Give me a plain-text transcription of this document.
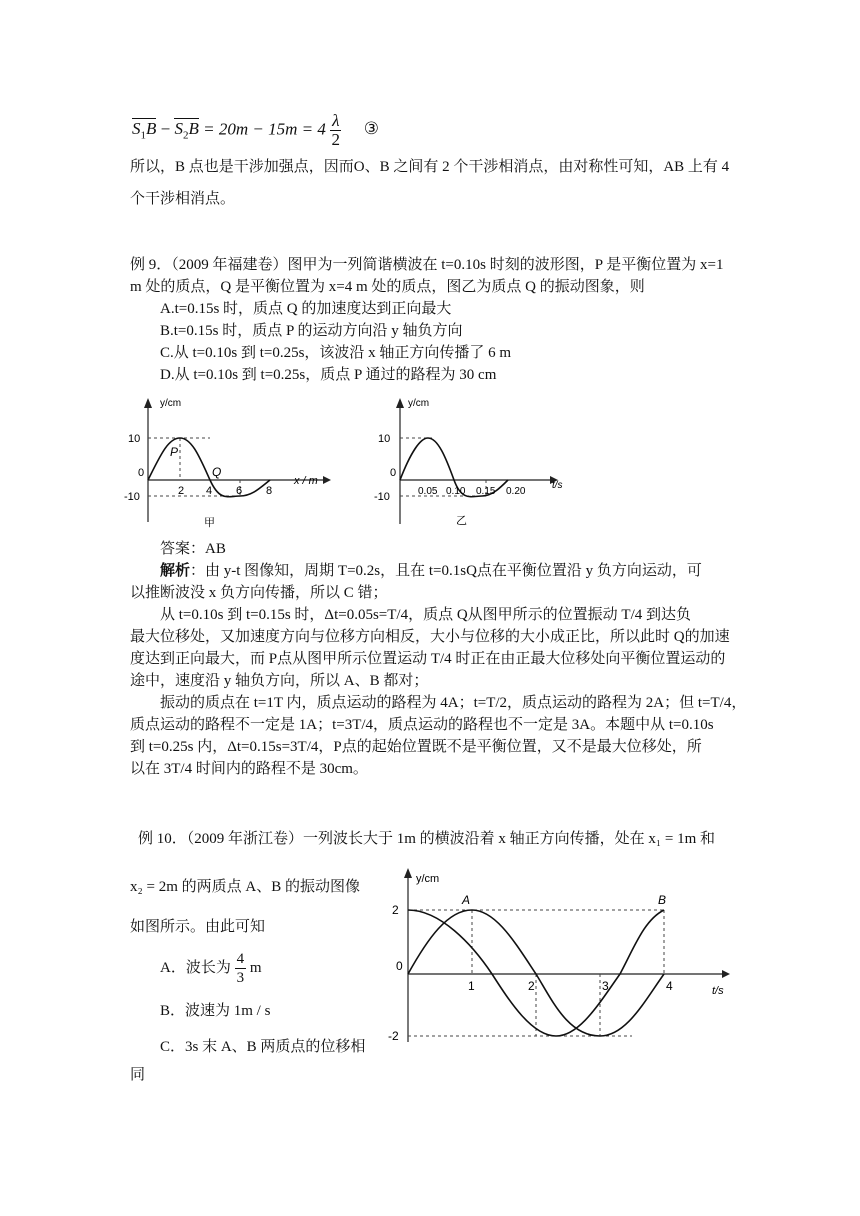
$S_1B - S_2B = 20m - 15m = 4 \frac{\lambda}{2}$ ③
所以，B 点也是干涉加强点，因而O、B 之间有 2 个干涉相消点，由对称性可知，AB 上有 4
个干涉相消点。
例 9．（2009 年福建卷）图甲为一列简谐横波在 t=0.10s 时刻的波形图，P 是平衡位置为 x=1
m 处的质点，Q 是平衡位置为 x=4 m 处的质点，图乙为质点 Q 的振动图象，则
A.t=0.15s 时，质点 Q 的加速度达到正向最大
B.t=0.15s 时，质点 P 的运动方向沿 y 轴负方向
C.从 t=0.10s 到 t=0.25s，该波沿 x 轴正方向传播了 6 m
D.从 t=0.10s 到 t=0.25s，质点 P 通过的路程为 30 cm
y/cm
x / m
10
-10
0
2 4 6 8
P
Q
甲
y/cm
t/s
10
-10
0
0.05 0.10 0.15 0.20
乙
答案：AB
解析：由 y-t 图像知，周期 T=0.2s，且在 t=0.1sQ点在平衡位置沿 y 负方向运动，可
以推断波没 x 负方向传播，所以 C 错；
从 t=0.10s 到 t=0.15s 时，Δt=0.05s=T/4，质点 Q从图甲所示的位置振动 T/4 到达负
最大位移处，又加速度方向与位移方向相反，大小与位移的大小成正比，所以此时 Q的加速
度达到正向最大，而 P点从图甲所示位置运动 T/4 时正在由正最大位移处向平衡位置运动的
途中，速度沿 y 轴负方向，所以 A、B 都对；
振动的质点在 t=1T 内，质点运动的路程为 4A；t=T/2，质点运动的路程为 2A；但 t=T/4，
质点运动的路程不一定是 1A；t=3T/4，质点运动的路程也不一定是 3A。本题中从 t=0.10s
到 t=0.25s 内，Δt=0.15s=3T/4，P点的起始位置既不是平衡位置，又不是最大位移处，所
以在 3T/4 时间内的路程不是 30cm。
例 10．（2009 年浙江卷）一列波长大于 1m 的横波沿着 x 轴正方向传播，处在 x₁ = 1m 和
x₂ = 2m 的两质点 A、B 的振动图像
如图所示。由此可知
A．波长为 $\frac{4}{3}$ m
B．波速为 1m / s
C．3s 末 A、B 两质点的位移相
同
y/cm
t/s
2
-2
0
1	2	3	4
A	B
